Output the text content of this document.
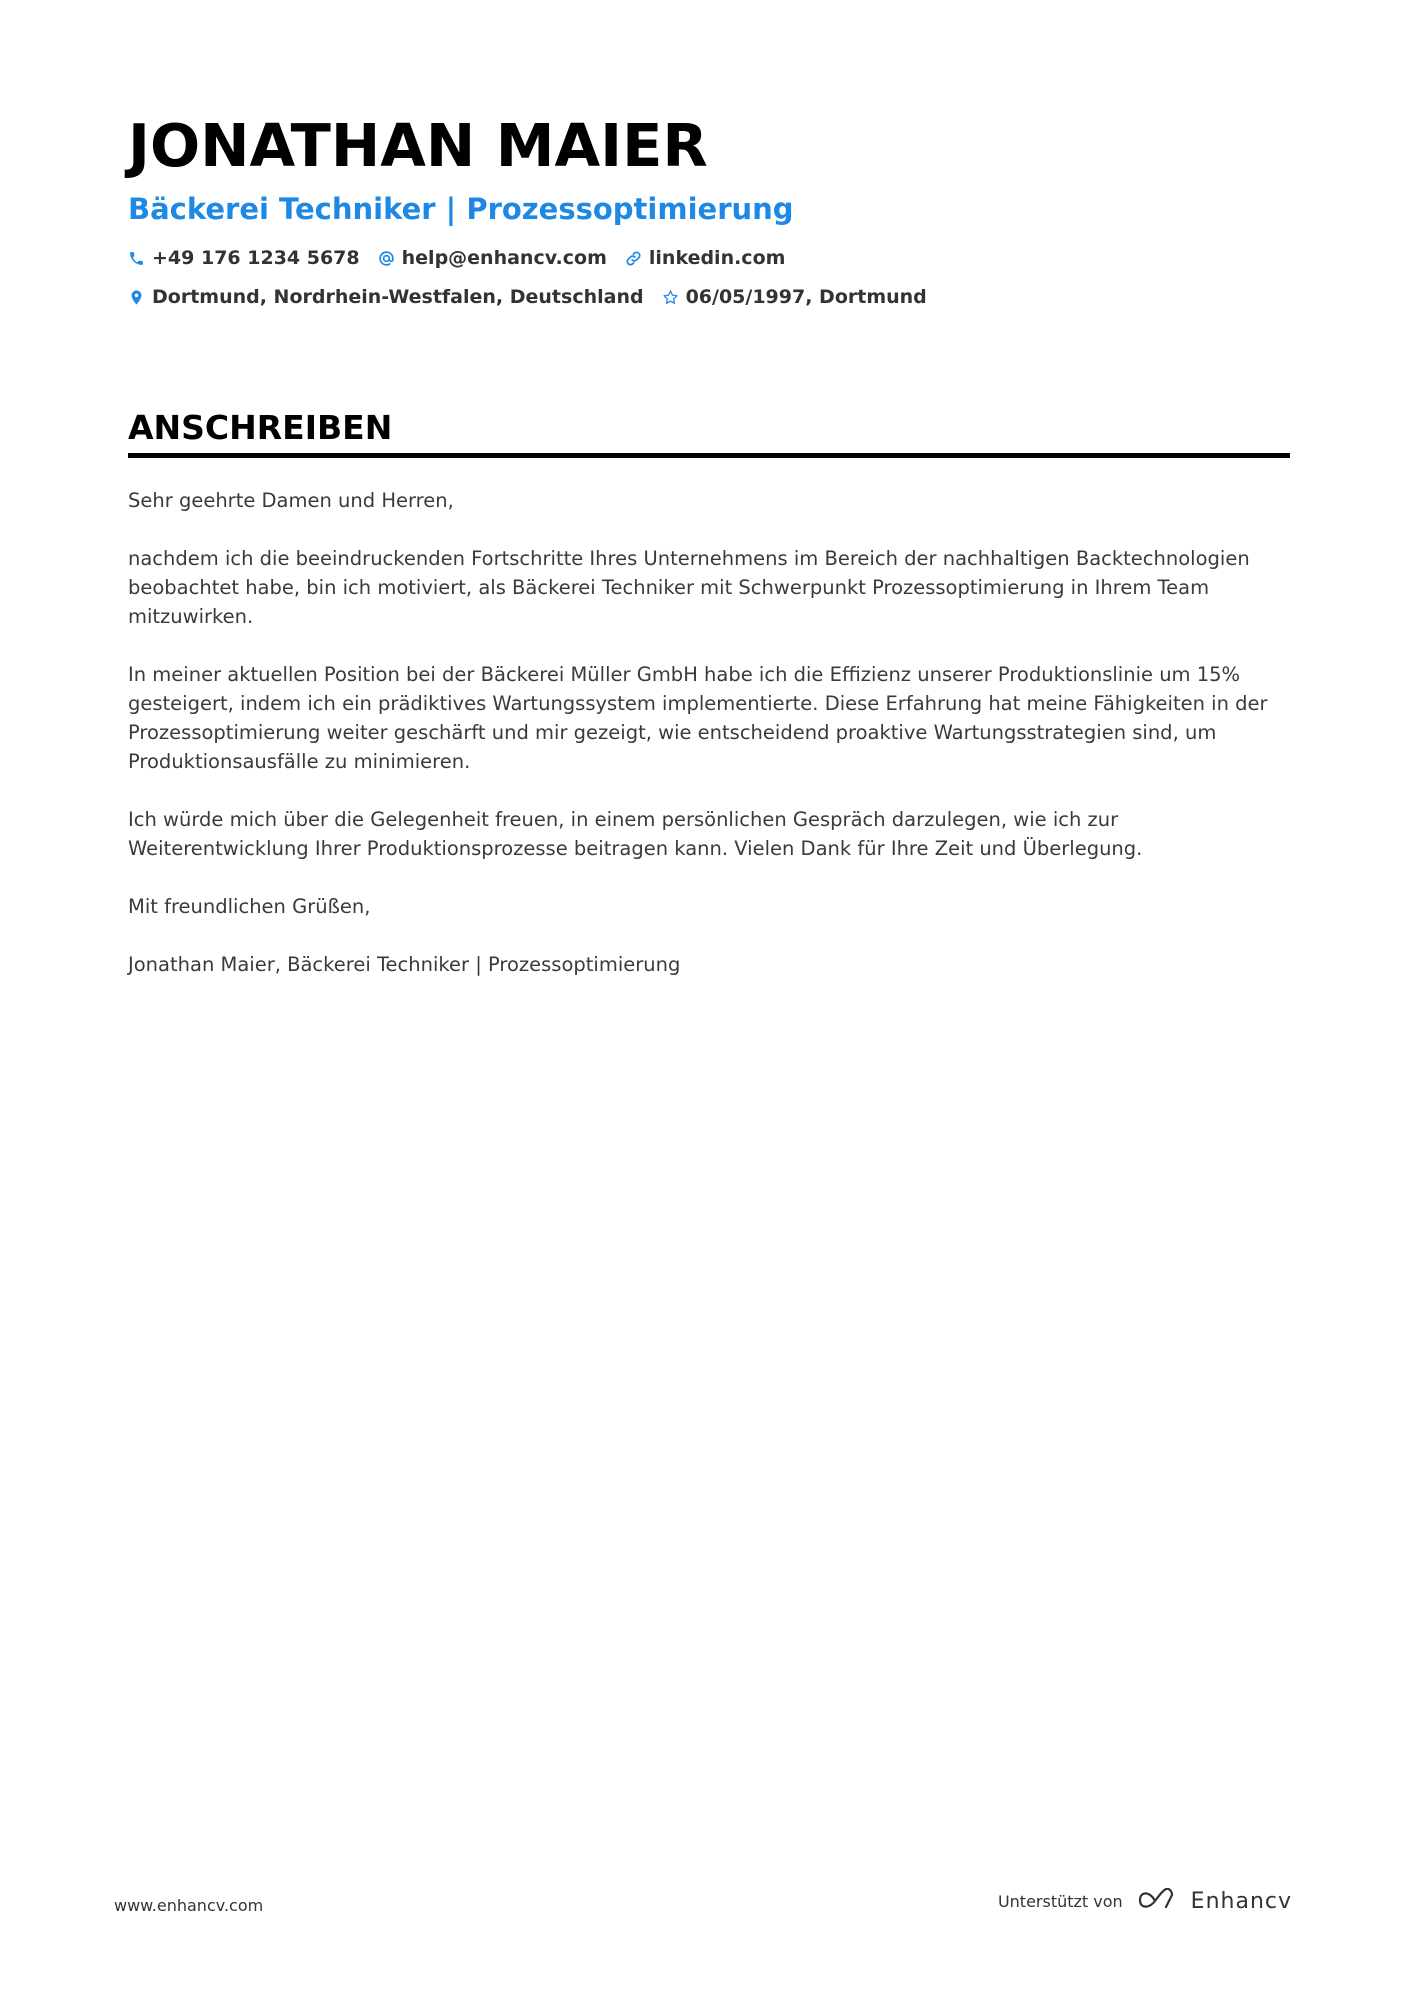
JONATHAN MAIER
Bäckerei Techniker | Prozessoptimierung
+49 176 1234 5678 help@enhancv.com linkedin.com
Dortmund, Nordrhein-Westfalen, Deutschland 06/05/1997, Dortmund
ANSCHREIBEN

Sehr geehrte Damen und Herren,

nachdem ich die beeindruckenden Fortschritte Ihres Unternehmens im Bereich der nachhaltigen Backtechnologien beobachtet habe, bin ich motiviert, als Bäckerei Techniker mit Schwerpunkt Prozessoptimierung in Ihrem Team mitzuwirken.

In meiner aktuellen Position bei der Bäckerei Müller GmbH habe ich die Effizienz unserer Produktionslinie um 15% gesteigert, indem ich ein prädiktives Wartungssystem implementierte. Diese Erfahrung hat meine Fähigkeiten in der Prozessoptimierung weiter geschärft und mir gezeigt, wie entscheidend proaktive Wartungsstrategien sind, um Produktionsausfälle zu minimieren.

Ich würde mich über die Gelegenheit freuen, in einem persönlichen Gespräch darzulegen, wie ich zur Weiterentwicklung Ihrer Produktionsprozesse beitragen kann. Vielen Dank für Ihre Zeit und Überlegung.

Mit freundlichen Grüßen,

Jonathan Maier, Bäckerei Techniker | Prozessoptimierung

www.enhancv.com	Unterstützt von	Enhancv
